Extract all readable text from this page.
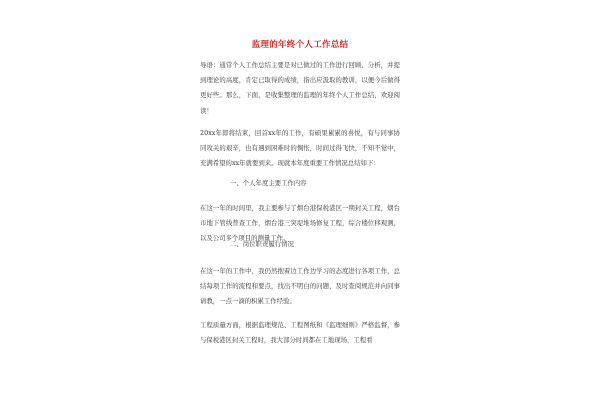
监理的年终个人工作总结

导语：通常个人工作总结主要是对已做过的工作进行回顾、分析，并提到理论的高度，肯定已取得的成绩，指出应汲取的教训，以便今后做得更好些。那么，下面，是收集整理的监理的年终个人工作总结，欢迎阅读！

20xx年即将结束，回首xx年的工作，有硕果累累的喜悦，有与同事协同攻关的艰辛，也有遇到困难时的惆怅，时间过得飞快，不知不觉中，充满希望的xx年就要到来。现就本年度重要工作情况总结如下：

一、个人年度主要工作内容

在这一年的时间里，我主要参与了烟台港保税港区一期封关工程，烟台市地下管线普查工作，烟台港三突堤堆场修复工程，综合楼位移观测，以及公司多个项目的测量工作。

二、岗位职责履行情况

在这一年的工作中，我仍然抱着边工作边学习的态度进行各项工作，总结每项工作的流程和要点，找出不明白的问题，及时查阅规范并向同事请教，一点一滴的积累工作经验。

工程质量方面，根据监理规范、工程图纸和《监理细则》严格监督，参与保税港区封关工程时，我大部分时间都在工地现场，工程看
